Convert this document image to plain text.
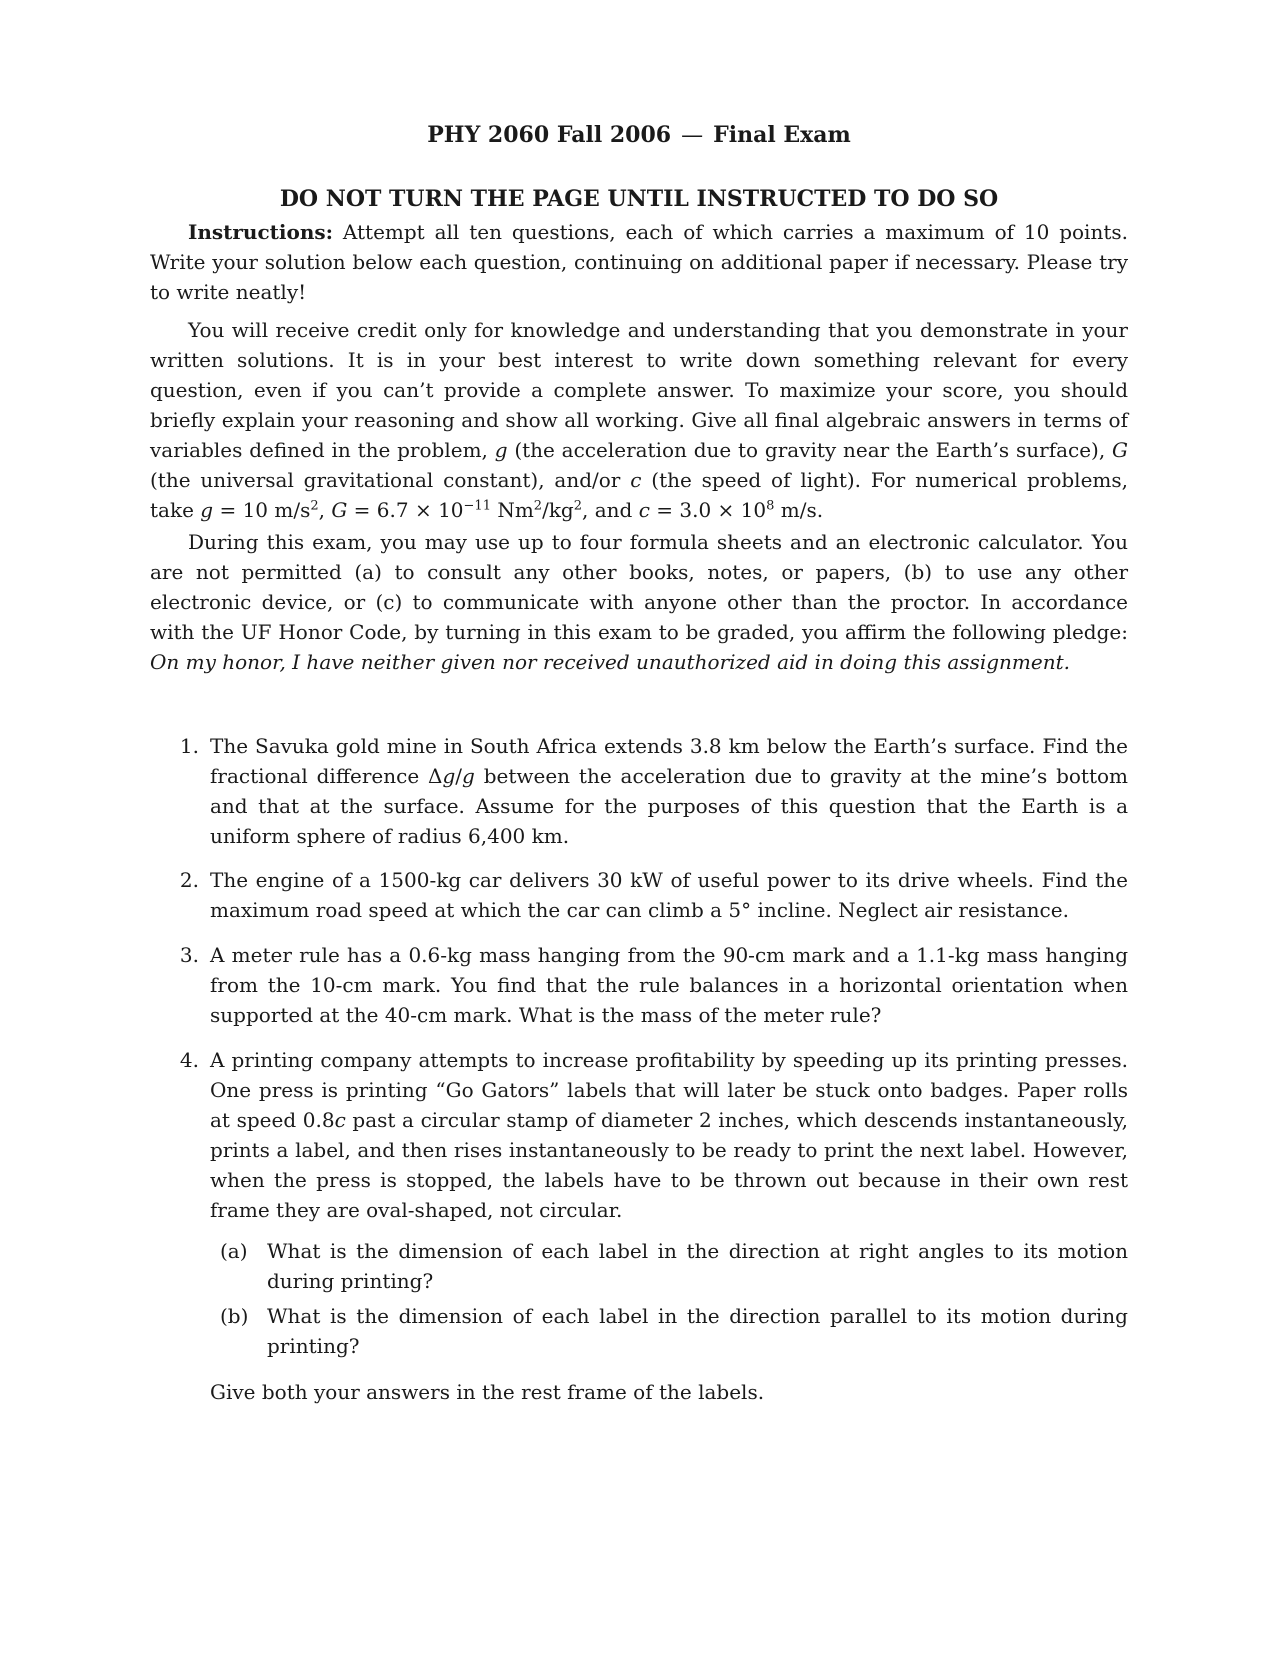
PHY 2060 Fall 2006 — Final Exam
DO NOT TURN THE PAGE UNTIL INSTRUCTED TO DO SO
Instructions: Attempt all ten questions, each of which carries a maximum of 10 points. Write your solution below each question, continuing on additional paper if necessary. Please try to write neatly!
You will receive credit only for knowledge and understanding that you demonstrate in your written solutions. It is in your best interest to write down something relevant for every question, even if you can’t provide a complete answer. To maximize your score, you should briefly explain your reasoning and show all working. Give all final algebraic answers in terms of variables defined in the problem, g (the acceleration due to gravity near the Earth’s surface), G (the universal gravitational constant), and/or c (the speed of light). For numerical problems, take g = 10 $m/s^2$, $G = 6.7 \times 10^{-11}$ $Nm^2/kg^2$, and $c = 3.0 \times 10^8$ m/s.
During this exam, you may use up to four formula sheets and an electronic calculator. You are not permitted (a) to consult any other books, notes, or papers, (b) to use any other electronic device, or (c) to communicate with anyone other than the proctor. In accordance with the UF Honor Code, by turning in this exam to be graded, you affirm the following pledge: On my honor, I have neither given nor received unauthorized aid in doing this assignment.
1. The Savuka gold mine in South Africa extends 3.8 km below the Earth’s surface. Find the fractional difference Δg/g between the acceleration due to gravity at the mine’s bottom and that at the surface. Assume for the purposes of this question that the Earth is a uniform sphere of radius 6,400 km.
2. The engine of a 1500-kg car delivers 30 kW of useful power to its drive wheels. Find the maximum road speed at which the car can climb a 5° incline. Neglect air resistance.
3. A meter rule has a 0.6-kg mass hanging from the 90-cm mark and a 1.1-kg mass hanging from the 10-cm mark. You find that the rule balances in a horizontal orientation when supported at the 40-cm mark. What is the mass of the meter rule?
4. A printing company attempts to increase profitability by speeding up its printing presses. One press is printing “Go Gators” labels that will later be stuck onto badges. Paper rolls at speed 0.8c past a circular stamp of diameter 2 inches, which descends instantaneously, prints a label, and then rises instantaneously to be ready to print the next label. However, when the press is stopped, the labels have to be thrown out because in their own rest frame they are oval-shaped, not circular.
(a) What is the dimension of each label in the direction at right angles to its motion during printing?
(b) What is the dimension of each label in the direction parallel to its motion during printing?
Give both your answers in the rest frame of the labels.
